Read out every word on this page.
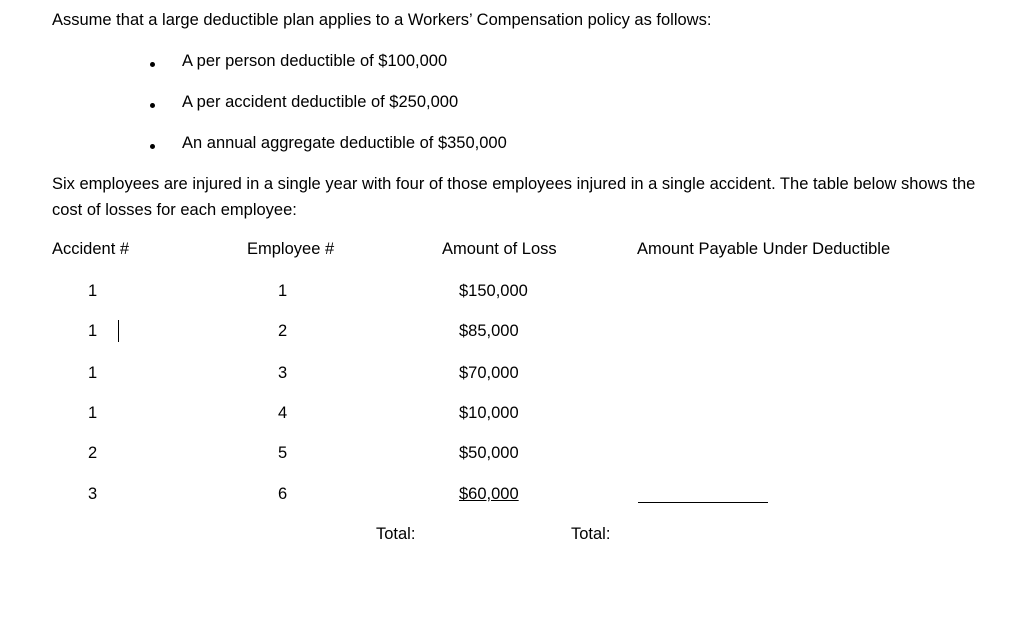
Assume that a large deductible plan applies to a Workers’ Compensation policy as follows:
A per person deductible of $100,000
A per accident deductible of $250,000
An annual aggregate deductible of $350,000
Six employees are injured in a single year with four of those employees injured in a single accident. The table below shows the cost of losses for each employee:
Accident #	Employee #	Amount of Loss	Amount Payable Under Deductible
1	1	$150,000
1	2	$85,000
1	3	$70,000
1	4	$10,000
2	5	$50,000
3	6	$60,000
Total:	Total:
